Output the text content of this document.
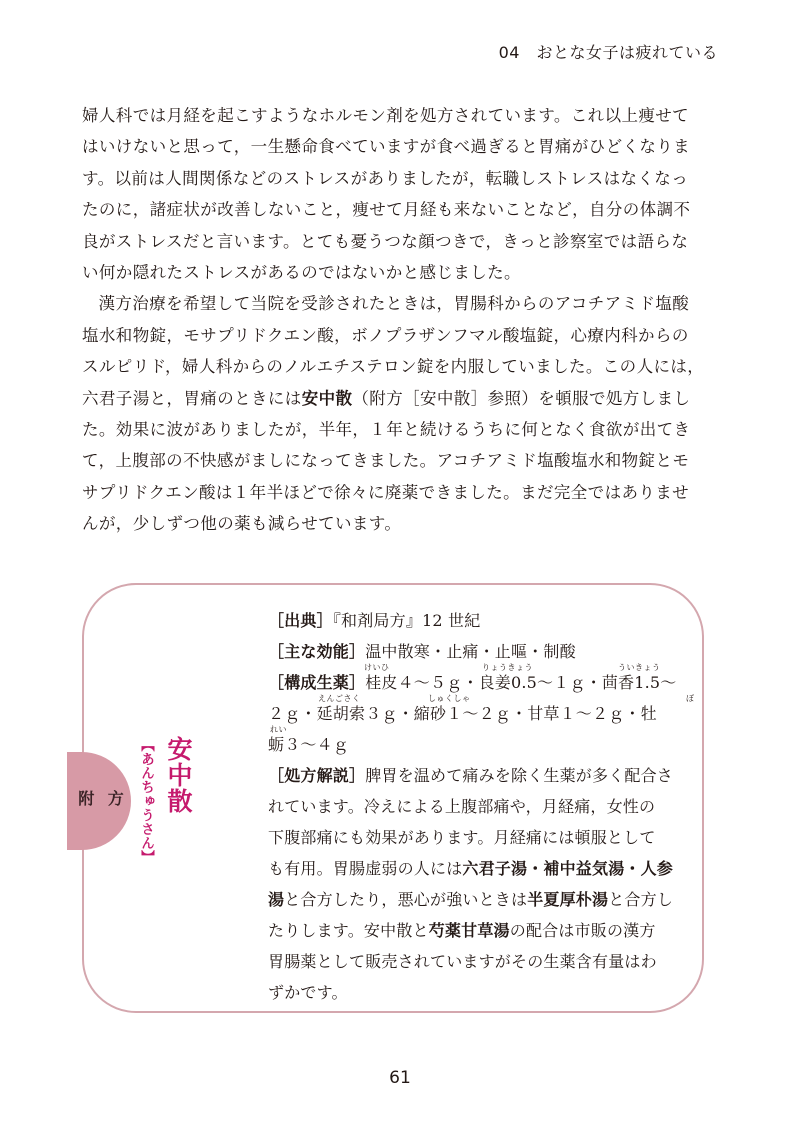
04　おとな女子は疲れている

婦人科では月経を起こすようなホルモン剤を処方されています。これ以上痩せて

はいけないと思って，一生懸命食べていますが食べ過ぎると胃痛がひどくなりま

す。以前は人間関係などのストレスがありましたが，転職しストレスはなくなっ

たのに，諸症状が改善しないこと，痩せて月経も来ないことなど，自分の体調不

良がストレスだと言います。とても憂うつな顔つきで，きっと診察室では語らな

い何か隠れたストレスがあるのではないかと感じました。

漢方治療を希望して当院を受診されたときは，胃腸科からのアコチアミド塩酸

塩水和物錠，モサプリドクエン酸，ボノプラザンフマル酸塩錠，心療内科からの

スルピリド，婦人科からのノルエチステロン錠を内服していました。この人には，

六君子湯と，胃痛のときには安中散（附方［安中散］参照）を頓服で処方しまし

た。効果に波がありましたが，半年，１年と続けるうちに何となく食欲が出てき

て，上腹部の不快感がましになってきました。アコチアミド塩酸塩水和物錠とモ

サプリドクエン酸は１年半ほどで徐々に廃薬できました。まだ完全ではありませ

んが，少しずつ他の薬も減らせています。

附 方 安中散
【あんちゅうさん】
［出典］『和剤局方』12 世紀
［主な効能］温中散寒・止痛・止嘔・制酸
けいひ	りょうきょう	ういきょう
［構成生薬］桂皮４～５ｇ・良姜0.5～１ｇ・茴香1.5～
えんごさく	しゅくしゃ	ぼ
２ｇ・延胡索３ｇ・縮砂１～２ｇ・甘草１～２ｇ・牡
れい
蛎３～４ｇ
［処方解説］脾胃を温めて痛みを除く生薬が多く配合さ
れています。冷えによる上腹部痛や，月経痛，女性の
下腹部痛にも効果があります。月経痛には頓服として
も有用。胃腸虚弱の人には六君子湯・補中益気湯・人参
湯と合方したり，悪心が強いときは半夏厚朴湯と合方し
たりします。安中散と芍薬甘草湯の配合は市販の漢方
胃腸薬として販売されていますがその生薬含有量はわ
ずかです。
61
